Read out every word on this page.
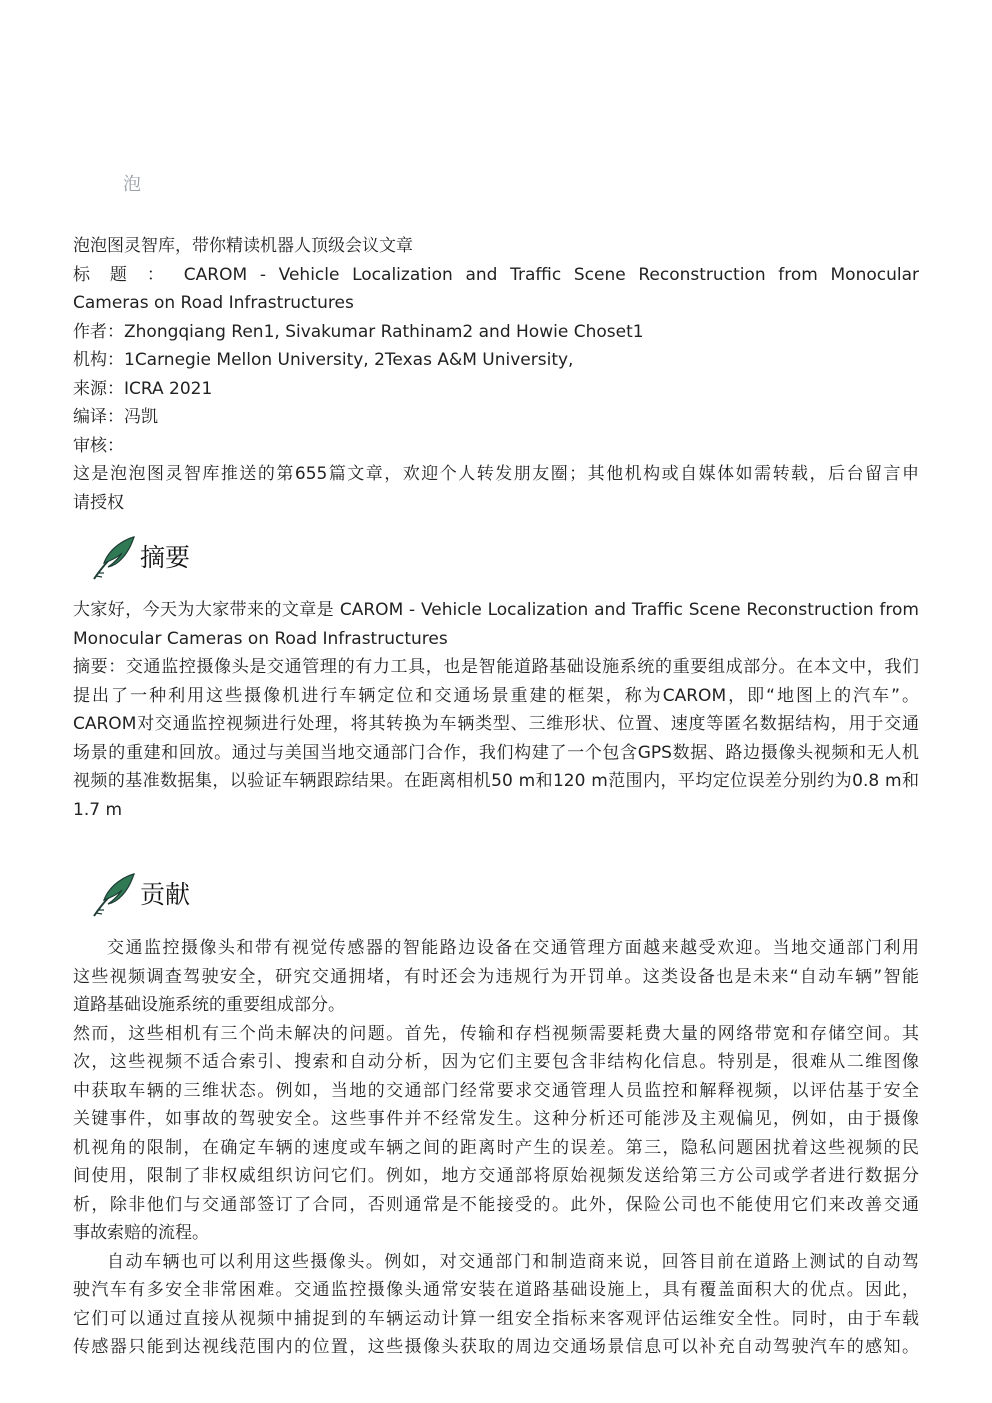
泡
泡泡图灵智库，带你精读机器人顶级会议文章
标 题 ： CAROM - Vehicle Localization and Traffic Scene Reconstruction from Monocular
Cameras on Road Infrastructures
作者：Zhongqiang Ren1, Sivakumar Rathinam2 and Howie Choset1
机构：1Carnegie Mellon University, 2Texas A&M University,
来源：ICRA 2021
编译：冯凯
审核：
这是泡泡图灵智库推送的第655篇文章，欢迎个人转发朋友圈；其他机构或自媒体如需转载，后台留言申
请授权
摘要
大家好，今天为大家带来的文章是 CAROM - Vehicle Localization and Traffic Scene Reconstruction from
Monocular Cameras on Road Infrastructures
摘要：交通监控摄像头是交通管理的有力工具，也是智能道路基础设施系统的重要组成部分。在本文中，我们
提出了一种利用这些摄像机进行车辆定位和交通场景重建的框架，称为CAROM，即“地图上的汽车”。
CAROM对交通监控视频进行处理，将其转换为车辆类型、三维形状、位置、速度等匿名数据结构，用于交通
场景的重建和回放。通过与美国当地交通部门合作，我们构建了一个包含GPS数据、路边摄像头视频和无人机
视频的基准数据集，以验证车辆跟踪结果。在距离相机50 m和120 m范围内，平均定位误差分别约为0.8 m和
1.7 m
贡献
交通监控摄像头和带有视觉传感器的智能路边设备在交通管理方面越来越受欢迎。当地交通部门利用
这些视频调查驾驶安全，研究交通拥堵，有时还会为违规行为开罚单。这类设备也是未来“自动车辆”智能
道路基础设施系统的重要组成部分。
然而，这些相机有三个尚未解决的问题。首先，传输和存档视频需要耗费大量的网络带宽和存储空间。其
次，这些视频不适合索引、搜索和自动分析，因为它们主要包含非结构化信息。特别是，很难从二维图像
中获取车辆的三维状态。例如，当地的交通部门经常要求交通管理人员监控和解释视频，以评估基于安全
关键事件，如事故的驾驶安全。这些事件并不经常发生。这种分析还可能涉及主观偏见，例如，由于摄像
机视角的限制，在确定车辆的速度或车辆之间的距离时产生的误差。第三，隐私问题困扰着这些视频的民
间使用，限制了非权威组织访问它们。例如，地方交通部将原始视频发送给第三方公司或学者进行数据分
析，除非他们与交通部签订了合同，否则通常是不能接受的。此外，保险公司也不能使用它们来改善交通
事故索赔的流程。
自动车辆也可以利用这些摄像头。例如，对交通部门和制造商来说，回答目前在道路上测试的自动驾
驶汽车有多安全非常困难。交通监控摄像头通常安装在道路基础设施上，具有覆盖面积大的优点。因此，
它们可以通过直接从视频中捕捉到的车辆运动计算一组安全指标来客观评估运维安全性。同时，由于车载
传感器只能到达视线范围内的位置，这些摄像头获取的周边交通场景信息可以补充自动驾驶汽车的感知。
